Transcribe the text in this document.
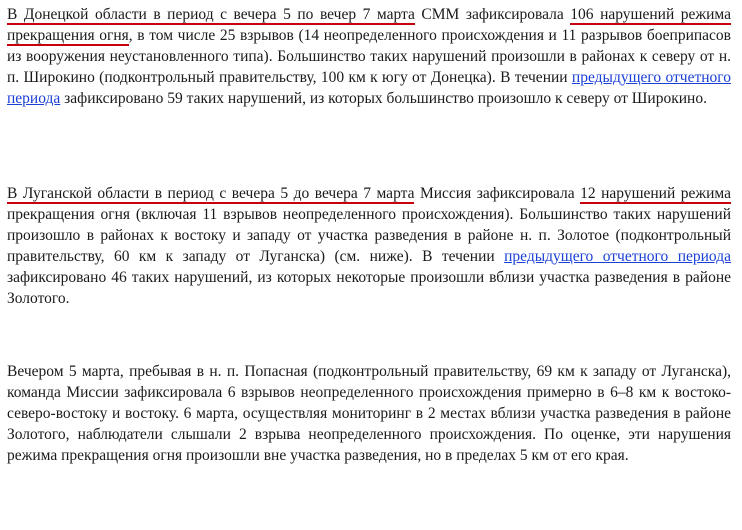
В Донецкой области в период с вечера 5 по вечер 7 марта СММ зафиксировала 106 нарушений режима прекращения огня, в том числе 25 взрывов (14 неопределенного происхождения и 11 разрывов боеприпасов из вооружения неустановленного типа). Большинство таких нарушений произошли в районах к северу от н. п. Широкино (подконтрольный правительству, 100 км к югу от Донецка). В течении предыдущего отчетного периода зафиксировано 59 таких нарушений, из которых большинство произошло к северу от Широкино.

В Луганской области в период с вечера 5 до вечера 7 марта Миссия зафиксировала 12 нарушений режима прекращения огня (включая 11 взрывов неопределенного происхождения). Большинство таких нарушений произошло в районах к востоку и западу от участка разведения в районе н. п. Золотое (подконтрольный правительству, 60 км к западу от Луганска) (см. ниже). В течении предыдущего отчетного периода зафиксировано 46 таких нарушений, из которых некоторые произошли вблизи участка разведения в районе Золотого.

Вечером 5 марта, пребывая в н. п. Попасная (подконтрольный правительству, 69 км к западу от Луганска), команда Миссии зафиксировала 6 взрывов неопределенного происхождения примерно в 6–8 км к востоко-северо-востоку и востоку. 6 марта, осуществляя мониторинг в 2 местах вблизи участка разведения в районе Золотого, наблюдатели слышали 2 взрыва неопределенного происхождения. По оценке, эти нарушения режима прекращения огня произошли вне участка разведения, но в пределах 5 км от его края.
